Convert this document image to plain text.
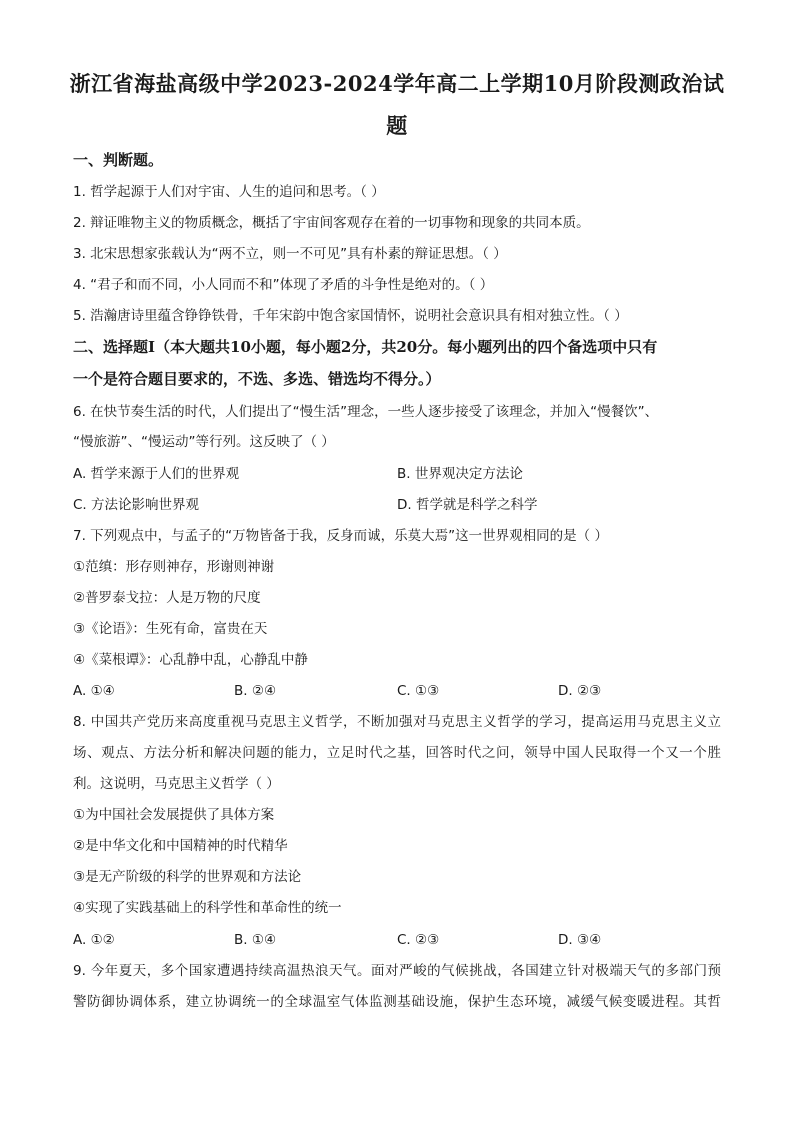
浙江省海盐高级中学2023-2024学年高二上学期10月阶段测政治试
题
一、判断题。
1. 哲学起源于人们对宇宙、人生的追问和思考。（ ）
2. 辩证唯物主义的物质概念，概括了宇宙间客观存在着的一切事物和现象的共同本质。
3. 北宋思想家张载认为“两不立，则一不可见”具有朴素的辩证思想。（ ）
4. “君子和而不同，小人同而不和”体现了矛盾的斗争性是绝对的。（ ）
5. 浩瀚唐诗里蕴含铮铮铁骨，千年宋韵中饱含家国情怀，说明社会意识具有相对独立性。（ ）
二、选择题Ⅰ（本大题共10小题，每小题2分，共20分。每小题列出的四个备选项中只有
一个是符合题目要求的，不选、多选、错选均不得分。）
6. 在快节奏生活的时代，人们提出了“慢生活”理念，一些人逐步接受了该理念，并加入“慢餐饮”、
“慢旅游”、“慢运动”等行列。这反映了（ ）
A. 哲学来源于人们的世界观	B. 世界观决定方法论
C. 方法论影响世界观	D. 哲学就是科学之科学
7. 下列观点中，与孟子的“万物皆备于我，反身而诚，乐莫大焉”这一世界观相同的是（ ）
①范缜：形存则神存，形谢则神谢
②普罗泰戈拉：人是万物的尺度
③《论语》：生死有命，富贵在天
④《菜根谭》：心乱静中乱，心静乱中静
A. ①④	B. ②④	C. ①③	D. ②③
8. 中国共产党历来高度重视马克思主义哲学，不断加强对马克思主义哲学的学习，提高运用马克思主义立
场、观点、方法分析和解决问题的能力，立足时代之基，回答时代之问，领导中国人民取得一个又一个胜
利。这说明，马克思主义哲学（ ）
①为中国社会发展提供了具体方案
②是中华文化和中国精神的时代精华
③是无产阶级的科学的世界观和方法论
④实现了实践基础上的科学性和革命性的统一
A. ①②	B. ①④	C. ②③	D. ③④
9. 今年夏天，多个国家遭遇持续高温热浪天气。面对严峻的气候挑战，各国建立针对极端天气的多部门预
警防御协调体系，建立协调统一的全球温室气体监测基础设施，保护生态环境，减缓气候变暖进程。其哲
